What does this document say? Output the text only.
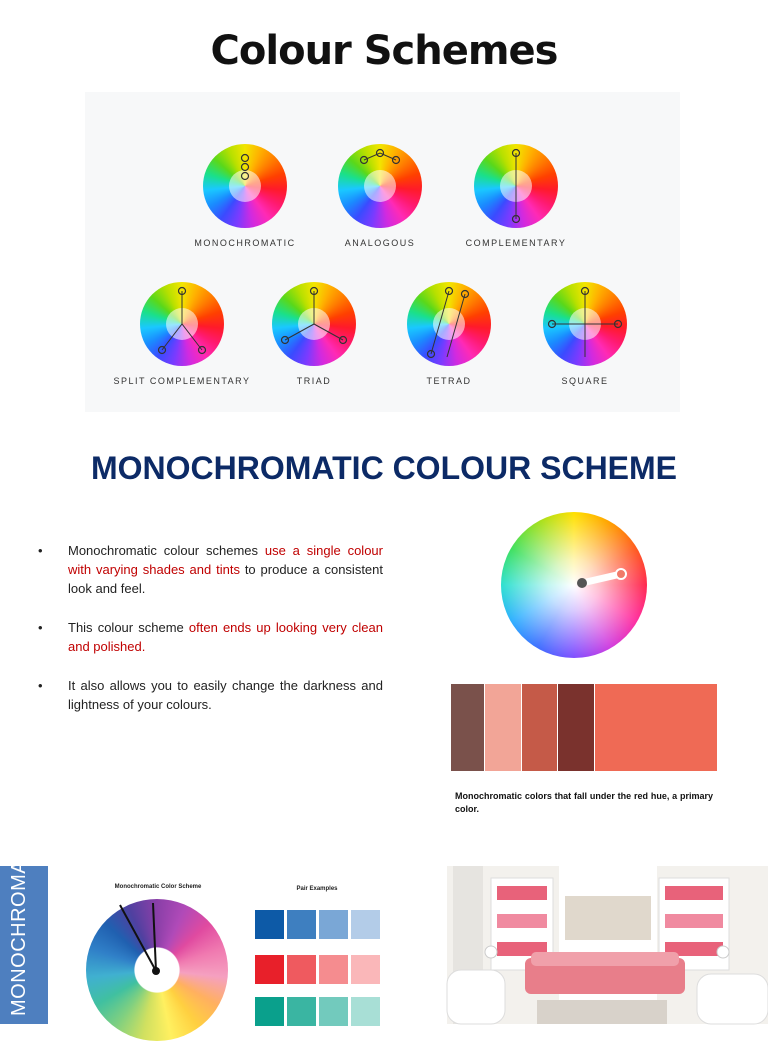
Colour Schemes
MONOCHROMATIC	ANALOGOUS	COMPLEMENTARY
SPLIT COMPLEMENTARY	TRIAD	TETRAD	SQUARE
MONOCHROMATIC COLOUR SCHEME
• Monochromatic colour schemes use a single colour with varying shades and tints to produce a consistent look and feel.
• This colour scheme often ends up looking very clean and polished.
• It also allows you to easily change the darkness and lightness of your colours.
Monochromatic colors that fall under the red hue, a primary color.
MONOCHROMATIC COLOUR SCHEME	Monochromatic Color Scheme	Pair Examples
